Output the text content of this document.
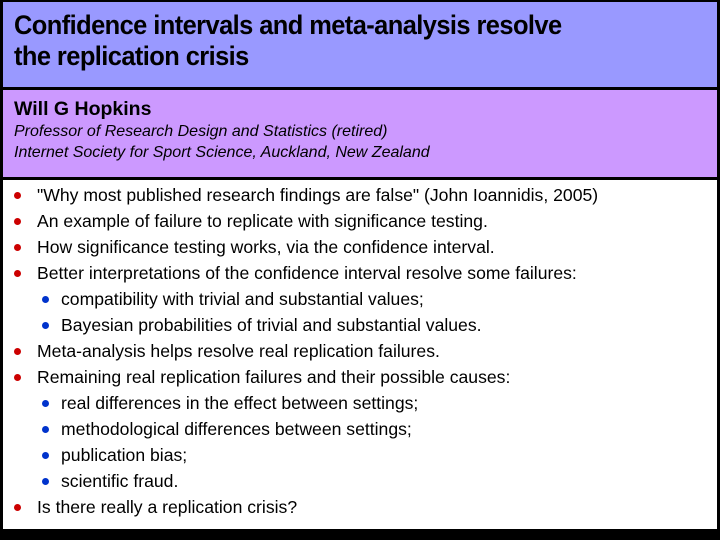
Confidence intervals and meta-analysis resolve
the replication crisis
Will G Hopkins
Professor of Research Design and Statistics (retired)
Internet Society for Sport Science, Auckland, New Zealand
"Why most published research findings are false" (John Ioannidis, 2005)
An example of failure to replicate with significance testing.
How significance testing works, via the confidence interval.
Better interpretations of the confidence interval resolve some failures:
compatibility with trivial and substantial values;
Bayesian probabilities of trivial and substantial values.
Meta-analysis helps resolve real replication failures.
Remaining real replication failures and their possible causes:
real differences in the effect between settings;
methodological differences between settings;
publication bias;
scientific fraud.
Is there really a replication crisis?
